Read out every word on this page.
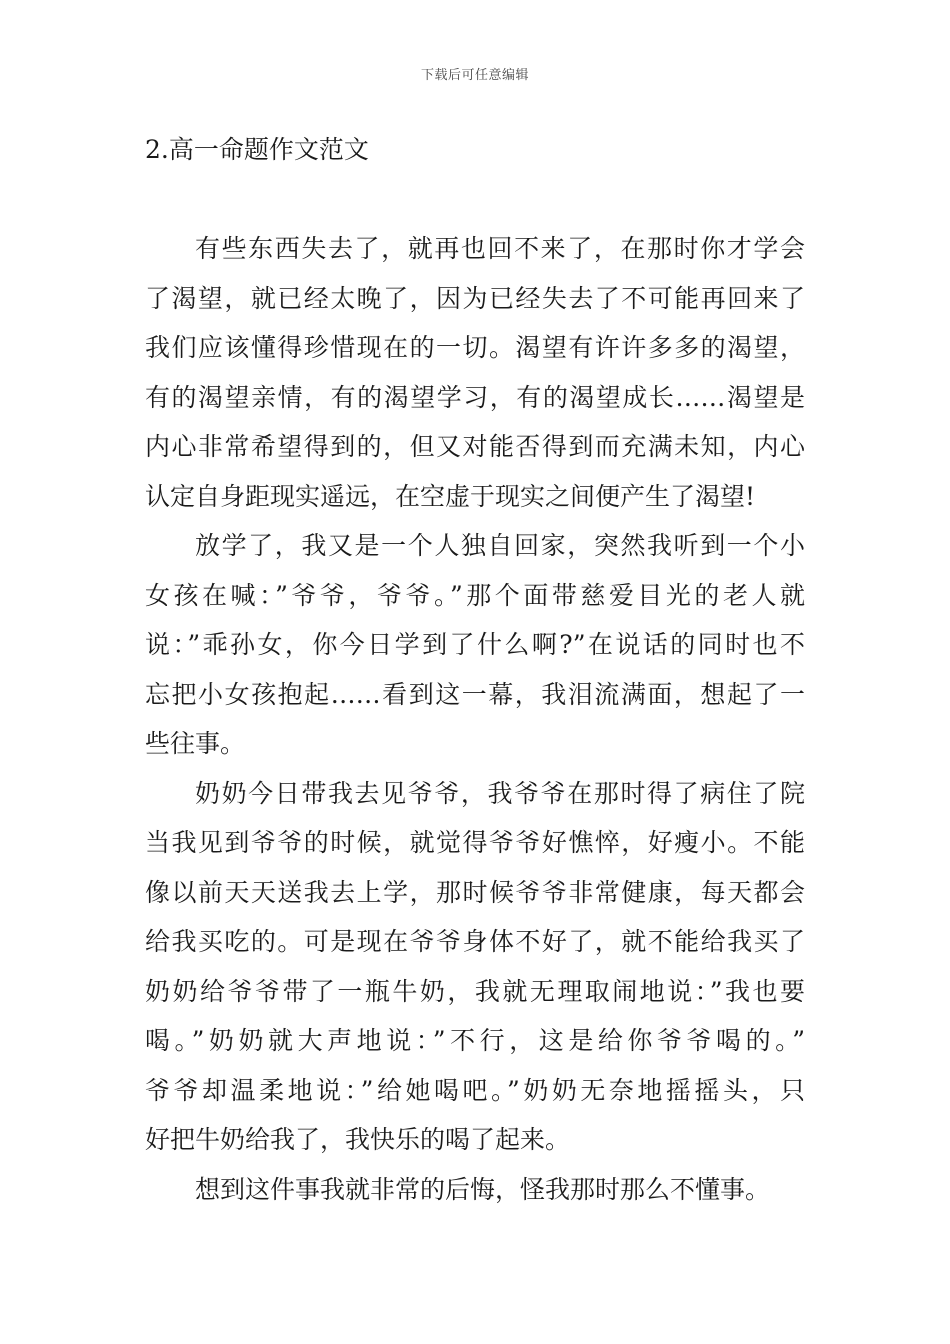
下载后可任意编辑
2.高一命题作文范文
有些东西失去了，就再也回不来了，在那时你才学会
了渴望，就已经太晚了，因为已经失去了不可能再回来了
我们应该懂得珍惜现在的一切。渴望有许许多多的渴望，
有的渴望亲情，有的渴望学习，有的渴望成长……渴望是
内心非常希望得到的，但又对能否得到而充满未知，内心
认定自身距现实遥远，在空虚于现实之间便产生了渴望!
放学了，我又是一个人独自回家，突然我听到一个小
女孩在喊：”爷爷，爷爷。”那个面带慈爱目光的老人就
说：”乖孙女，你今日学到了什么啊?”在说话的同时也不
忘把小女孩抱起……看到这一幕，我泪流满面，想起了一
些往事。
奶奶今日带我去见爷爷，我爷爷在那时得了病住了院
当我见到爷爷的时候，就觉得爷爷好憔悴，好瘦小。不能
像以前天天送我去上学，那时候爷爷非常健康，每天都会
给我买吃的。可是现在爷爷身体不好了，就不能给我买了
奶奶给爷爷带了一瓶牛奶，我就无理取闹地说：”我也要
喝。”奶奶就大声地说：”不行，这是给你爷爷喝的。”
爷爷却温柔地说：”给她喝吧。”奶奶无奈地摇摇头，只
好把牛奶给我了，我快乐的喝了起来。
想到这件事我就非常的后悔，怪我那时那么不懂事。
